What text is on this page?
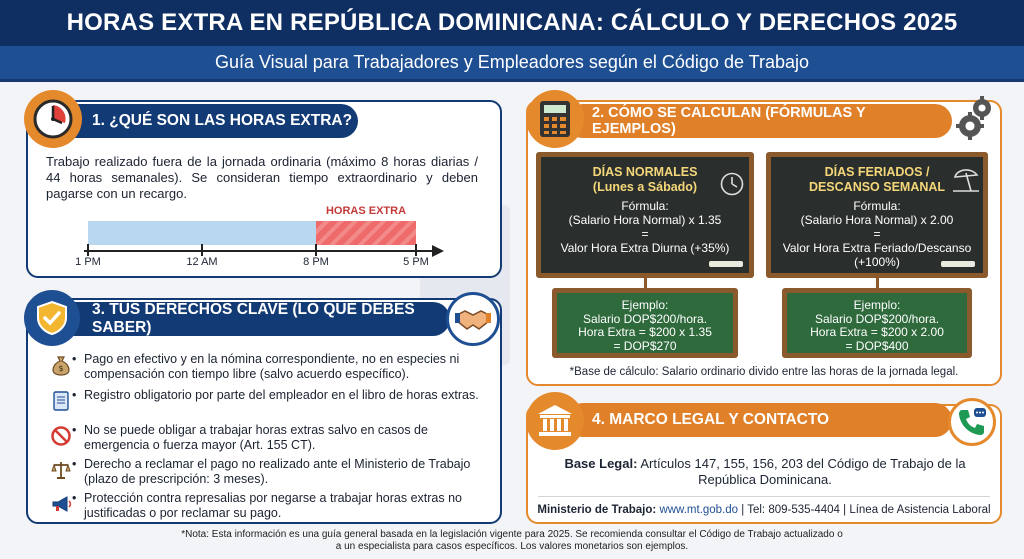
HORAS EXTRA EN REPÚBLICA DOMINICANA: CÁLCULO Y DERECHOS 2025
Guía Visual para Trabajadores y Empleadores según el Código de Trabajo
1. ¿QUÉ SON LAS HORAS EXTRA?
Trabajo realizado fuera de la jornada ordinaria (máximo 8 horas diarias / 44 horas semanales). Se consideran tiempo extraordinario y deben pagarse con un recargo.
HORAS EXTRA
1 PM	12 AM	8 PM	5 PM
3. TUS DERECHOS CLAVE (LO QUE DEBES SABER)
$
• Pago en efectivo y en la nómina correspondiente, no en especies ni compensación con tiempo libre (salvo acuerdo específico).
• Registro obligatorio por parte del empleador en el libro de horas extras.
• No se puede obligar a trabajar horas extras salvo en casos de emergencia o fuerza mayor (Art. 155 CT).
• Derecho a reclamar el pago no realizado ante el Ministerio de Trabajo (plazo de prescripción: 3 meses).
• Protección contra represalias por negarse a trabajar horas extras no justificadas o por reclamar su pago.
2. CÓMO SE CALCULAN (FÓRMULAS Y EJEMPLOS)
DÍAS NORMALES
(Lunes a Sábado)
Fórmula:
(Salario Hora Normal) x 1.35
=
Valor Hora Extra Diurna (+35%)
DÍAS FERIADOS /
DESCANSO SEMANAL
Fórmula:
(Salario Hora Normal) x 2.00
=
Valor Hora Extra Feriado/Descanso
(+100%)
Ejemplo:
Salario DOP$200/hora.
Hora Extra = $200 x 1.35
= DOP$270
Ejemplo:
Salario DOP$200/hora.
Hora Extra = $200 x 2.00
= DOP$400
*Base de cálculo: Salario ordinario divido entre las horas de la jornada legal.
4. MARCO LEGAL Y CONTACTO
Base Legal: Artículos 147, 155, 156, 203 del Código de Trabajo de la República Dominicana.
Ministerio de Trabajo: www.mt.gob.do | Tel: 809-535-4404 | Línea de Asistencia Laboral
*Nota: Esta información es una guía general basada en la legislación vigente para 2025. Se recomienda consultar el Código de Trabajo actualizado o
a un especialista para casos específicos. Los valores monetarios son ejemplos.
